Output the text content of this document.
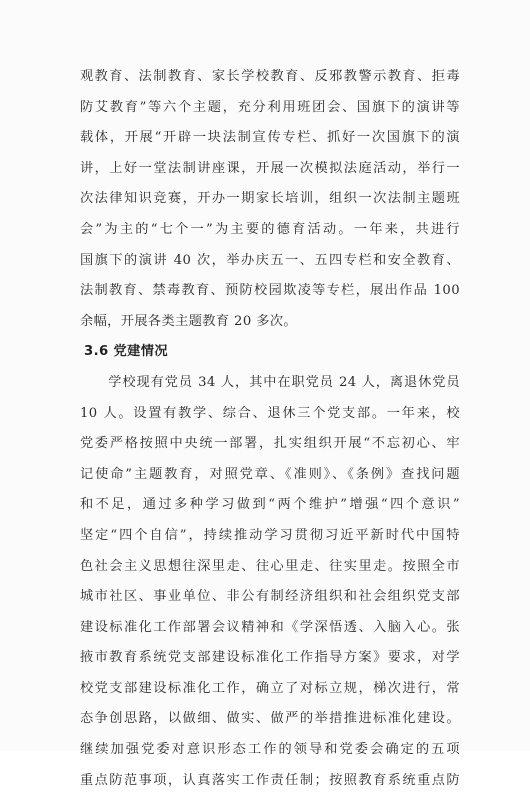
观教育、法制教育、家长学校教育、反邪教警示教育、拒毒
防艾教育”等六个主题，充分利用班团会、国旗下的演讲等
载体，开展“开辟一块法制宣传专栏、抓好一次国旗下的演
讲，上好一堂法制讲座课，开展一次模拟法庭活动，举行一
次法律知识竞赛，开办一期家长培训，组织一次法制主题班
会”为主的“七个一”为主要的德育活动。一年来，共进行
国旗下的演讲 40 次，举办庆五一、五四专栏和安全教育、
法制教育、禁毒教育、预防校园欺凌等专栏，展出作品 100
余幅，开展各类主题教育 20 多次。
3.6 党建情况
　　学校现有党员 34 人，其中在职党员 24 人，离退休党员
10 人。设置有教学、综合、退休三个党支部。一年来，校
党委严格按照中央统一部署，扎实组织开展“不忘初心、牢
记使命”主题教育，对照党章、《准则》、《条例》查找问题
和不足，通过多种学习做到“两个维护”增强“四个意识”
坚定“四个自信”，持续推动学习贯彻习近平新时代中国特
色社会主义思想往深里走、往心里走、往实里走。按照全市
城市社区、事业单位、非公有制经济组织和社会组织党支部
建设标准化工作部署会议精神和《学深悟透、入脑入心。张
掖市教育系统党支部建设标准化工作指导方案》要求，对学
校党支部建设标准化工作，确立了对标立规，梯次进行，常
态争创思路，以做细、做实、做严的举措推进标准化建设。
继续加强党委对意识形态工作的领导和党委会确定的五项
重点防范事项，认真落实工作责任制；按照教育系统重点防
